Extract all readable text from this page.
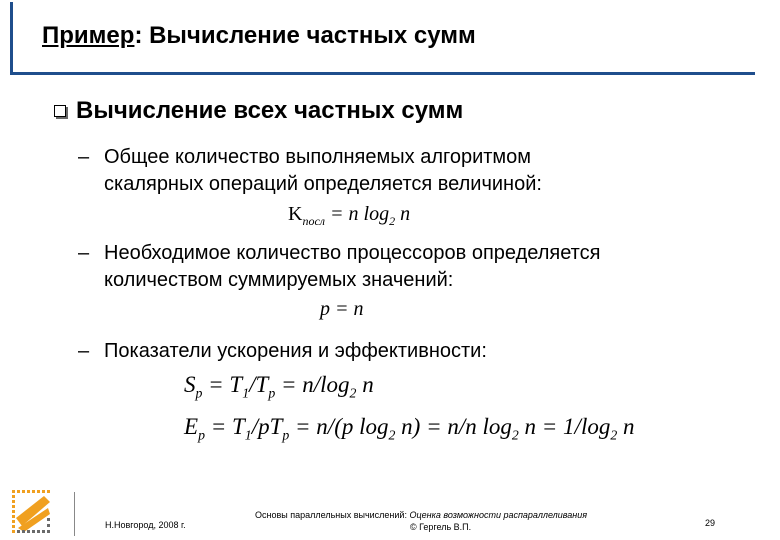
Пример: Вычисление частных сумм
Вычисление всех частных сумм
– Общее количество выполняемых алгоритмом
скалярных операций определяется величиной:
$K_{посл} = n$ $\log_2 n$
– Необходимое количество процессоров определяется
количеством суммируемых значений:
p = n
– Показатели ускорения и эффективности:
$S_p = T_1/T_p = n/\log_2$ n
$E_p = T_1/pT_p = n/(p$ $\log_2 n) = n/n$ $\log_2 n = 1/\log_2$ n
Н.Новгород, 2008 г.
Основы параллельных вычислений: Оценка возможности распараллеливания
© Гергель В.П.	29
